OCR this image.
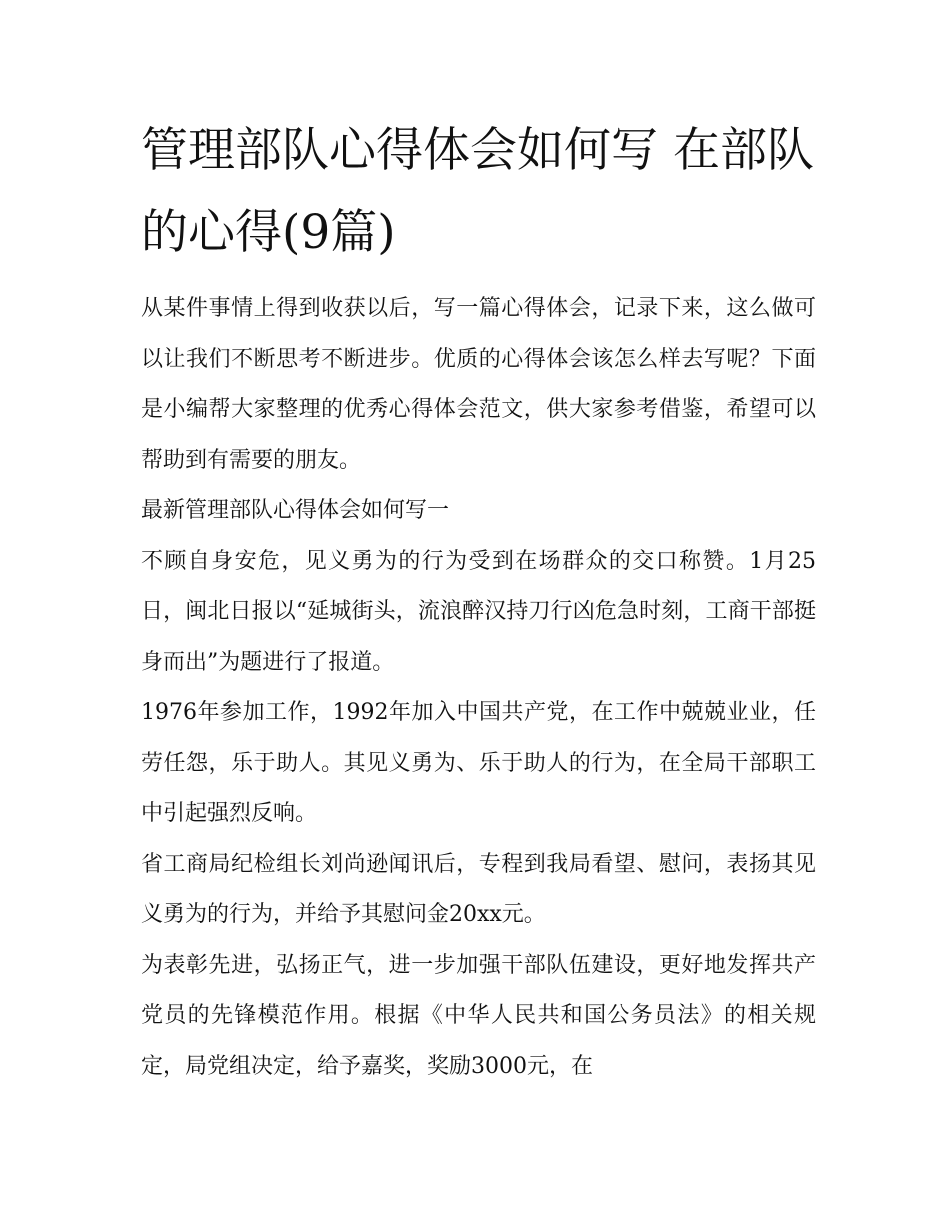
管理部队心得体会如何写 在部队的心得(9篇)

从某件事情上得到收获以后，写一篇心得体会，记录下来，这么做可以让我们不断思考不断进步。优质的心得体会该怎么样去写呢？下面是小编帮大家整理的优秀心得体会范文，供大家参考借鉴，希望可以帮助到有需要的朋友。

最新管理部队心得体会如何写一

不顾自身安危，见义勇为的行为受到在场群众的交口称赞。1月25日，闽北日报以“延城街头，流浪醉汉持刀行凶危急时刻，工商干部挺身而出”为题进行了报道。

1976年参加工作，1992年加入中国共产党，在工作中兢兢业业，任劳任怨，乐于助人。其见义勇为、乐于助人的行为，在全局干部职工中引起强烈反响。

省工商局纪检组长刘尚逊闻讯后，专程到我局看望、慰问，表扬其见义勇为的行为，并给予其慰问金20xx元。

为表彰先进，弘扬正气，进一步加强干部队伍建设，更好地发挥共产党员的先锋模范作用。根据《中华人民共和国公务员法》的相关规定，局党组决定，给予嘉奖，奖励3000元，在
